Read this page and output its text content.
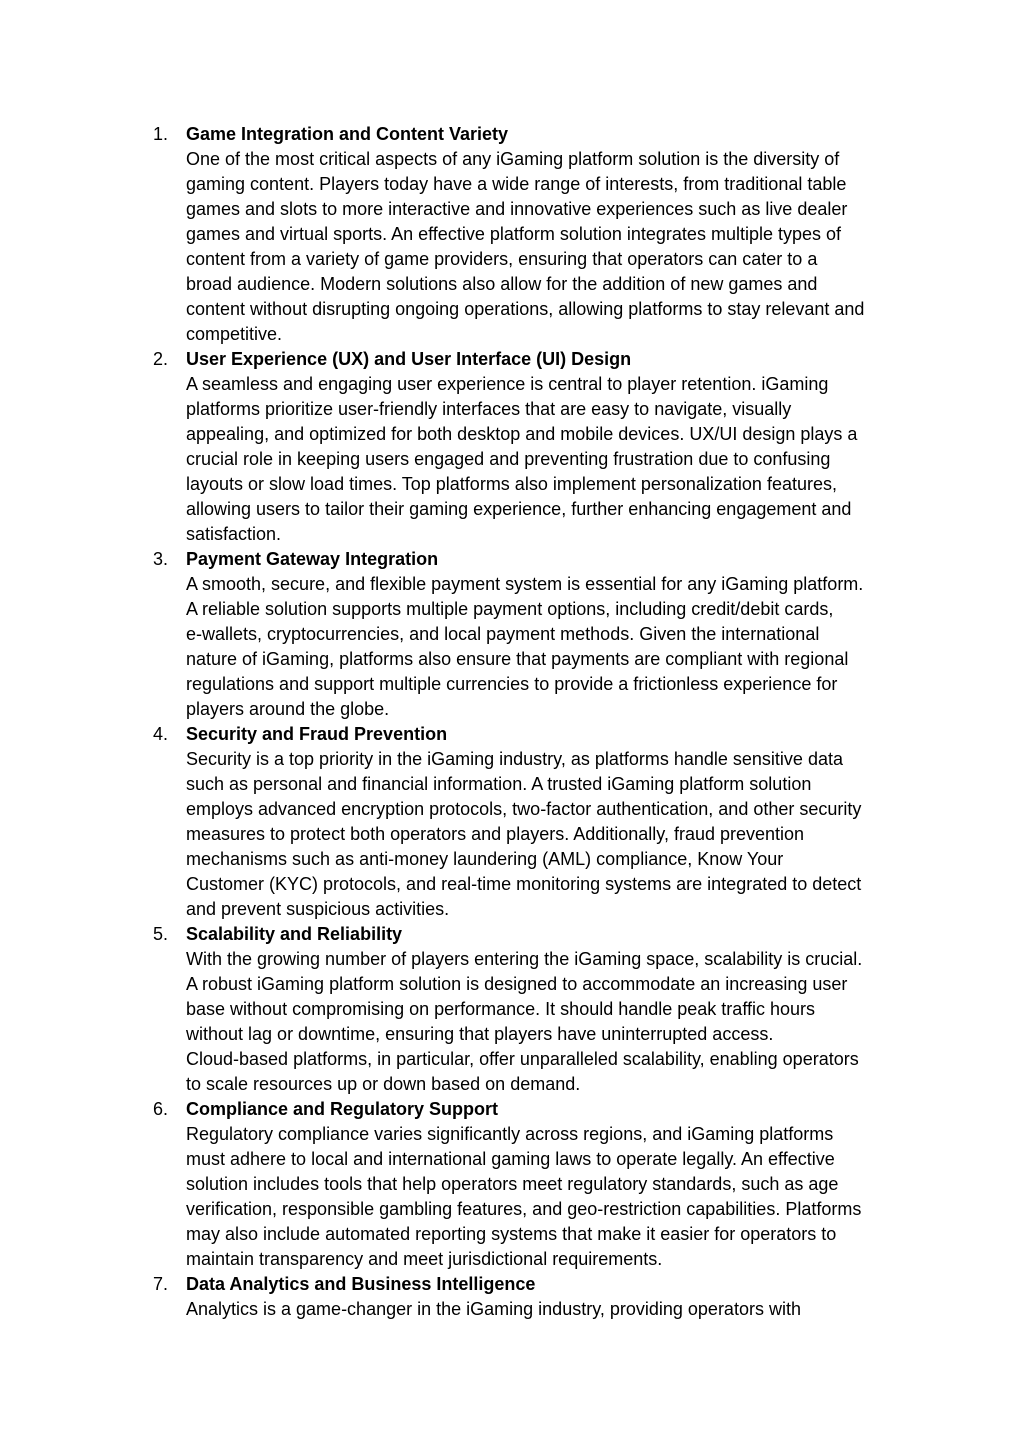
1. Game Integration and Content Variety
One of the most critical aspects of any iGaming platform solution is the diversity of
gaming content. Players today have a wide range of interests, from traditional table
games and slots to more interactive and innovative experiences such as live dealer
games and virtual sports. An effective platform solution integrates multiple types of
content from a variety of game providers, ensuring that operators can cater to a
broad audience. Modern solutions also allow for the addition of new games and
content without disrupting ongoing operations, allowing platforms to stay relevant and
competitive.
2. User Experience (UX) and User Interface (UI) Design
A seamless and engaging user experience is central to player retention. iGaming
platforms prioritize user-friendly interfaces that are easy to navigate, visually
appealing, and optimized for both desktop and mobile devices. UX/UI design plays a
crucial role in keeping users engaged and preventing frustration due to confusing
layouts or slow load times. Top platforms also implement personalization features,
allowing users to tailor their gaming experience, further enhancing engagement and
satisfaction.
3. Payment Gateway Integration
A smooth, secure, and flexible payment system is essential for any iGaming platform.
A reliable solution supports multiple payment options, including credit/debit cards,
e-wallets, cryptocurrencies, and local payment methods. Given the international
nature of iGaming, platforms also ensure that payments are compliant with regional
regulations and support multiple currencies to provide a frictionless experience for
players around the globe.
4. Security and Fraud Prevention
Security is a top priority in the iGaming industry, as platforms handle sensitive data
such as personal and financial information. A trusted iGaming platform solution
employs advanced encryption protocols, two-factor authentication, and other security
measures to protect both operators and players. Additionally, fraud prevention
mechanisms such as anti-money laundering (AML) compliance, Know Your
Customer (KYC) protocols, and real-time monitoring systems are integrated to detect
and prevent suspicious activities.
5. Scalability and Reliability
With the growing number of players entering the iGaming space, scalability is crucial.
A robust iGaming platform solution is designed to accommodate an increasing user
base without compromising on performance. It should handle peak traffic hours
without lag or downtime, ensuring that players have uninterrupted access.
Cloud-based platforms, in particular, offer unparalleled scalability, enabling operators
to scale resources up or down based on demand.
6. Compliance and Regulatory Support
Regulatory compliance varies significantly across regions, and iGaming platforms
must adhere to local and international gaming laws to operate legally. An effective
solution includes tools that help operators meet regulatory standards, such as age
verification, responsible gambling features, and geo-restriction capabilities. Platforms
may also include automated reporting systems that make it easier for operators to
maintain transparency and meet jurisdictional requirements.
7. Data Analytics and Business Intelligence
Analytics is a game-changer in the iGaming industry, providing operators with
